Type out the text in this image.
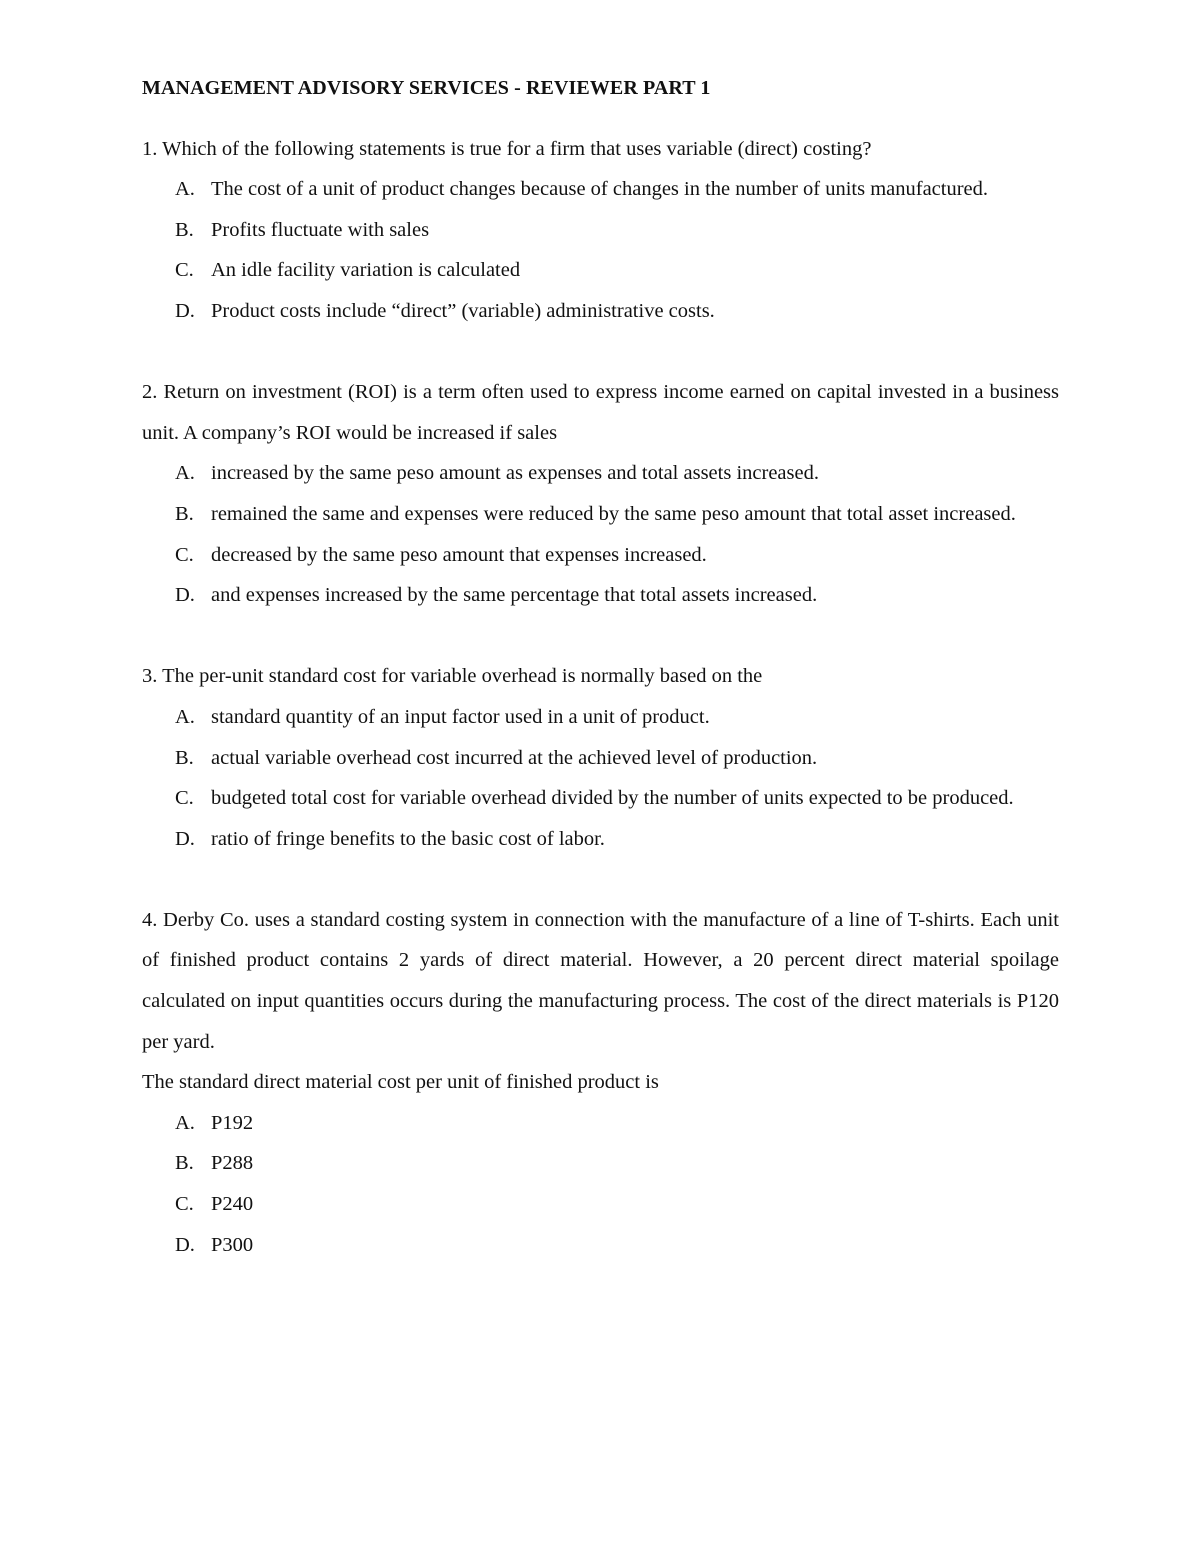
MANAGEMENT ADVISORY SERVICES - REVIEWER PART 1
1. Which of the following statements is true for a firm that uses variable (direct) costing?
A. The cost of a unit of product changes because of changes in the number of units manufactured.
B. Profits fluctuate with sales
C. An idle facility variation is calculated
D. Product costs include “direct” (variable) administrative costs.
2. Return on investment (ROI) is a term often used to express income earned on capital invested in a business unit. A company’s ROI would be increased if sales
A. increased by the same peso amount as expenses and total assets increased.
B. remained the same and expenses were reduced by the same peso amount that total asset increased.
C. decreased by the same peso amount that expenses increased.
D. and expenses increased by the same percentage that total assets increased.
3. The per-unit standard cost for variable overhead is normally based on the
A. standard quantity of an input factor used in a unit of product.
B. actual variable overhead cost incurred at the achieved level of production.
C. budgeted total cost for variable overhead divided by the number of units expected to be produced.
D. ratio of fringe benefits to the basic cost of labor.
4. Derby Co. uses a standard costing system in connection with the manufacture of a line of T-shirts. Each unit of finished product contains 2 yards of direct material. However, a 20 percent direct material spoilage calculated on input quantities occurs during the manufacturing process. The cost of the direct materials is P120 per yard.
The standard direct material cost per unit of finished product is
A. P192
B. P288
C. P240
D. P300
